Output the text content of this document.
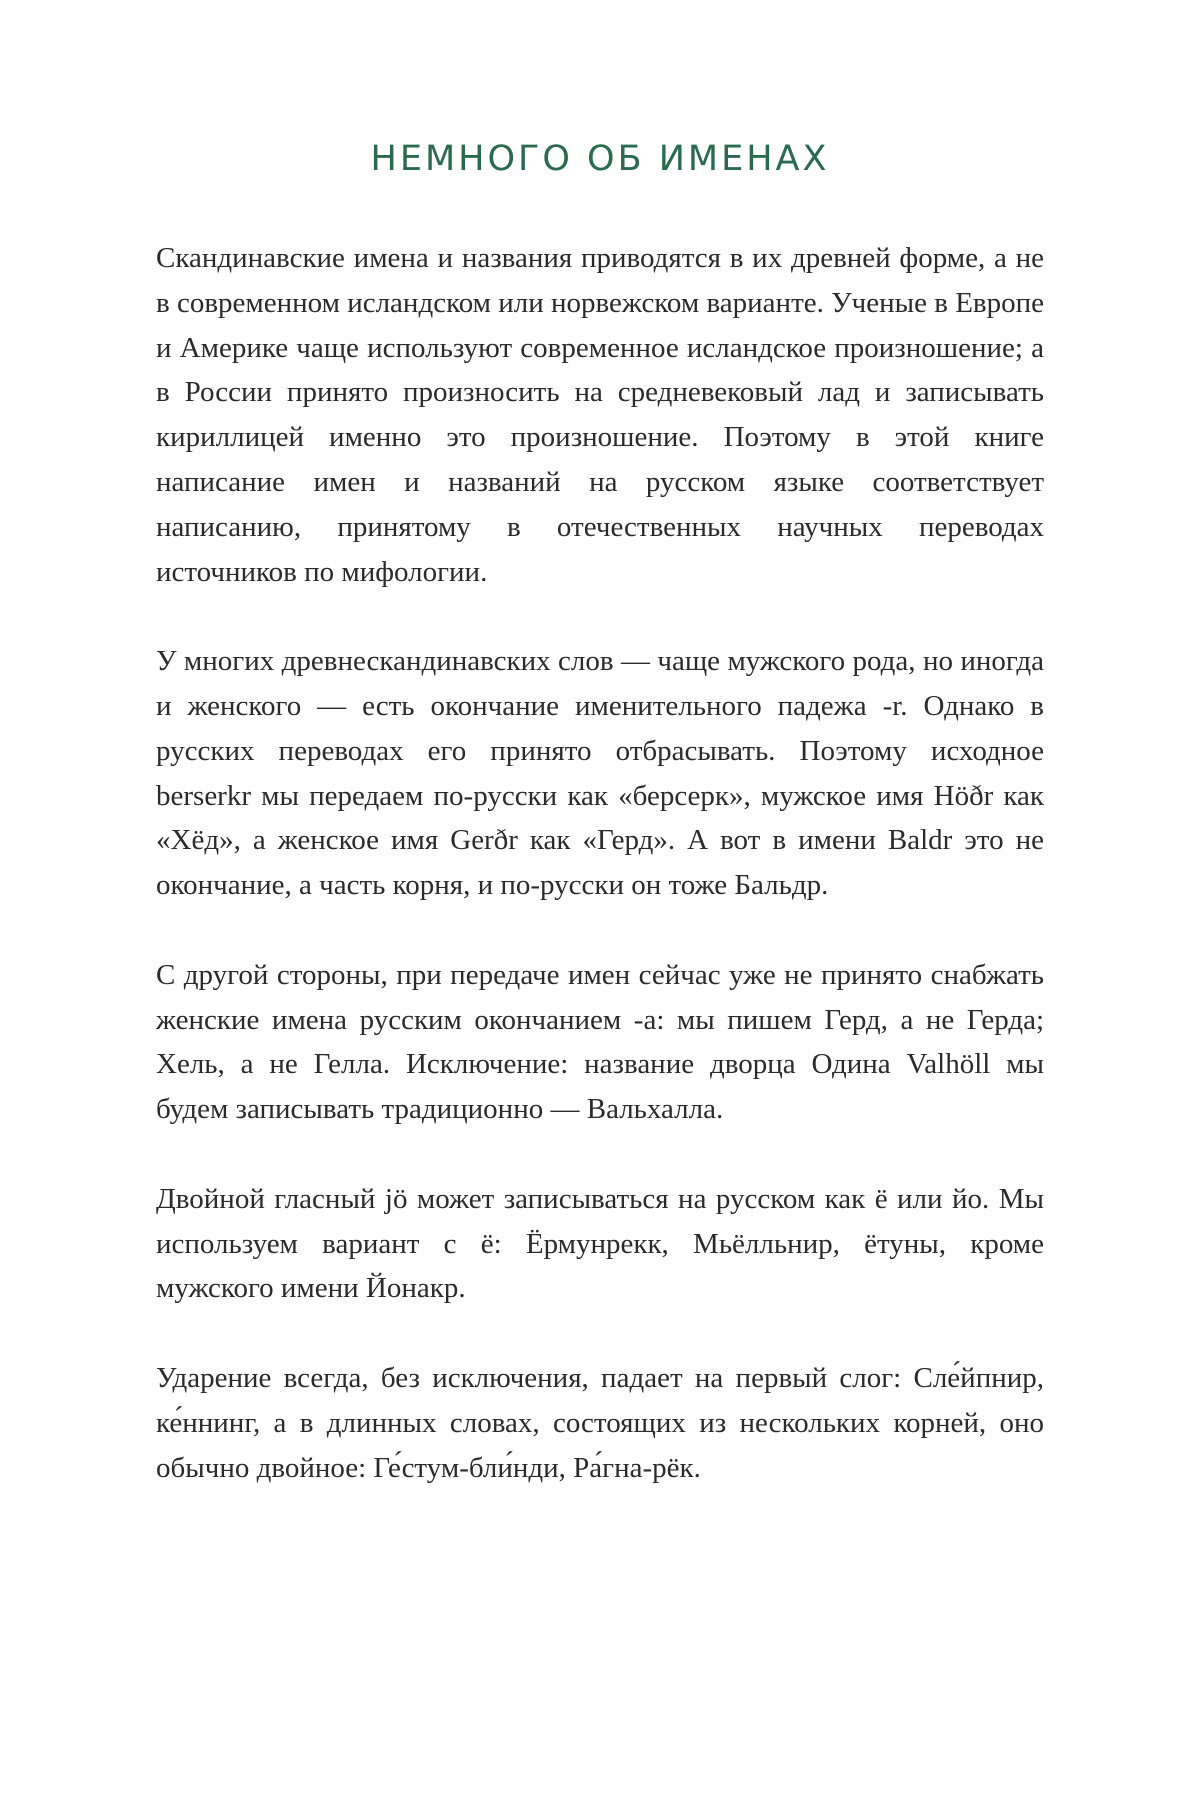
НЕМНОГО ОБ ИМЕНАХ

Скандинавские имена и названия приводятся в их древней форме, а не в современном исландском или норвежском варианте. Ученые в Европе и Америке чаще используют современное исландское произношение; а в России принято произносить на средневековый лад и записывать кириллицей именно это произношение. Поэтому в этой книге написание имен и названий на русском языке соответствует написанию, принятому в отечественных научных переводах источников по мифологии.

У многих древнескандинавских слов — чаще мужского рода, но иногда и женского — есть окончание именительного падежа -r. Однако в русских переводах его принято отбрасывать. Поэтому исходное berserkr мы передаем по-русски как «берсерк», мужское имя Höðr как «Хёд», а женское имя Gerðr как «Герд». А вот в имени Baldr это не окончание, а часть корня, и по-русски он тоже Бальдр.

С другой стороны, при передаче имен сейчас уже не принято снабжать женские имена русским окончанием -а: мы пишем Герд, а не Герда; Хель, а не Гелла. Исключение: название дворца Одина Valhöll мы будем записывать традиционно — Вальхалла.

Двойной гласный jö может записываться на русском как ё или йо. Мы используем вариант с ё: Ёрмунрекк, Мьёлльнир, ётуны, кроме мужского имени Йонакр.

Ударение всегда, без исключения, падает на первый слог: Сле́йпнир, ке́ннинг, а в длинных словах, состоящих из нескольких корней, оно обычно двойное: Ге́стум-бли́нди, Ра́гна-рёк.
